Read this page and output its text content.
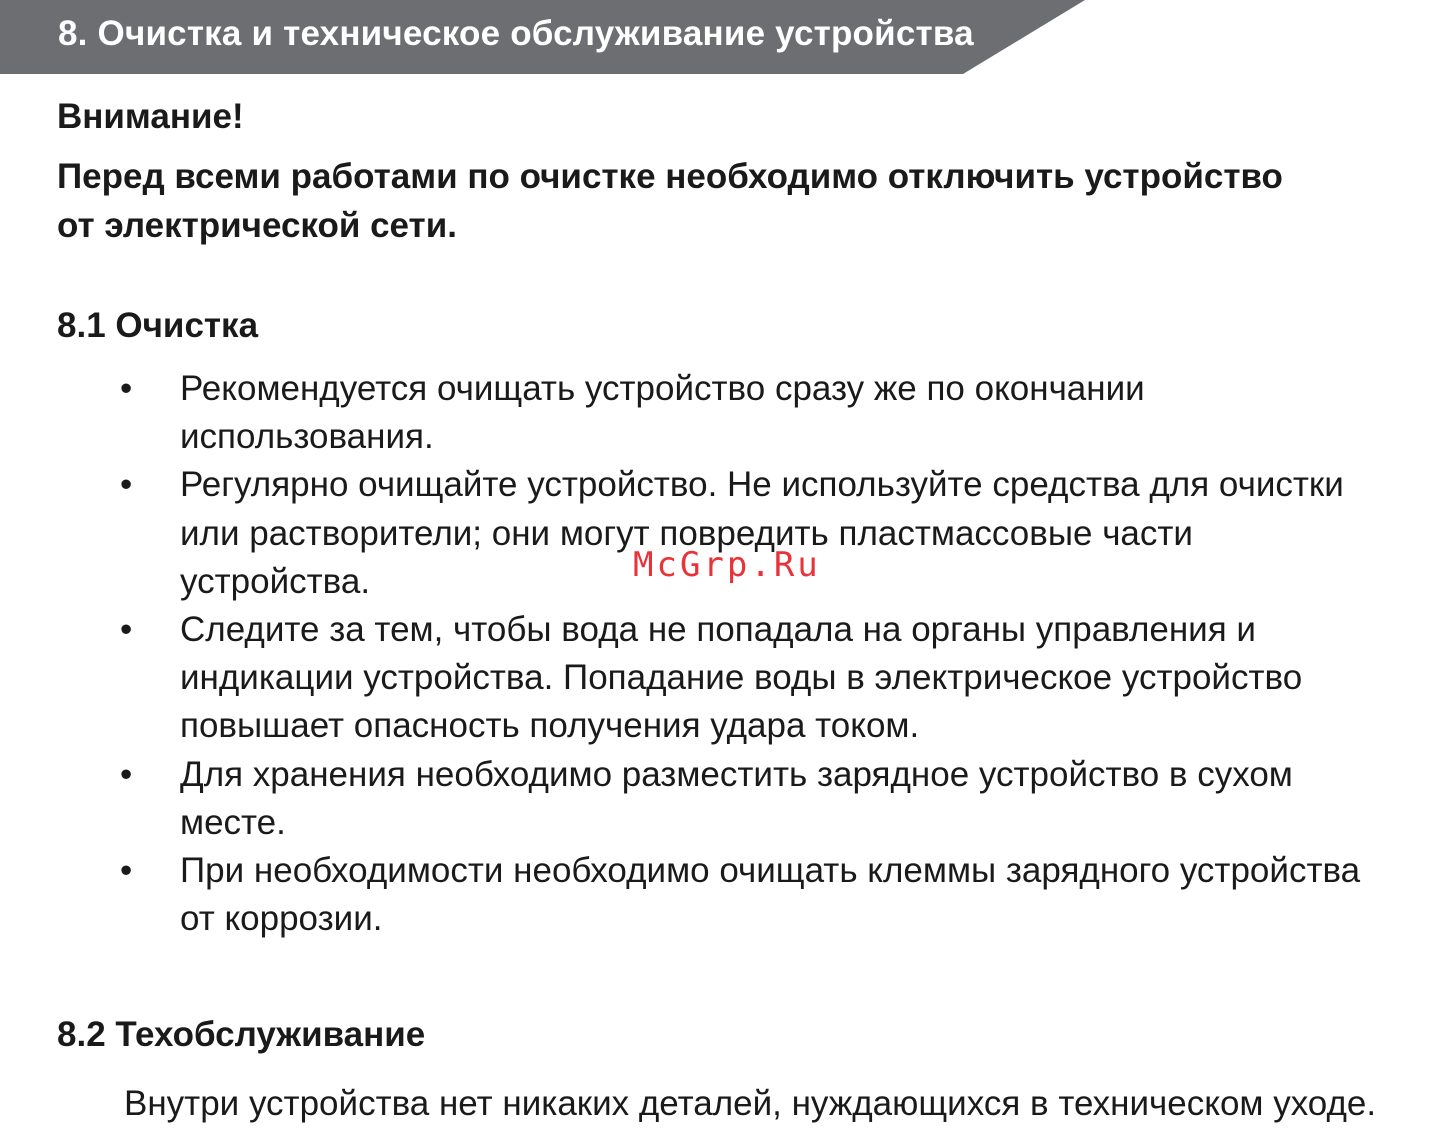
8. Очистка и техническое обслуживание устройства
Внимание!
Перед всеми работами по очистке необходимо отключить устройство
от электрической сети.
8.1 Очистка
• Рекомендуется очищать устройство сразу же по окончании
использования.
• Регулярно очищайте устройство. Не используйте средства для очистки
или растворители; они могут повредить пластмассовые части
устройства.
• Следите за тем, чтобы вода не попадала на органы управления и
индикации устройства. Попадание воды в электрическое устройство
повышает опасность получения удара током.
• Для хранения необходимо разместить зарядное устройство в сухом
месте.
• При необходимости необходимо очищать клеммы зарядного устройства
от коррозии.
8.2 Техобслуживание
Внутри устройства нет никаких деталей, нуждающихся в техническом уходе.
McGrp.Ru
